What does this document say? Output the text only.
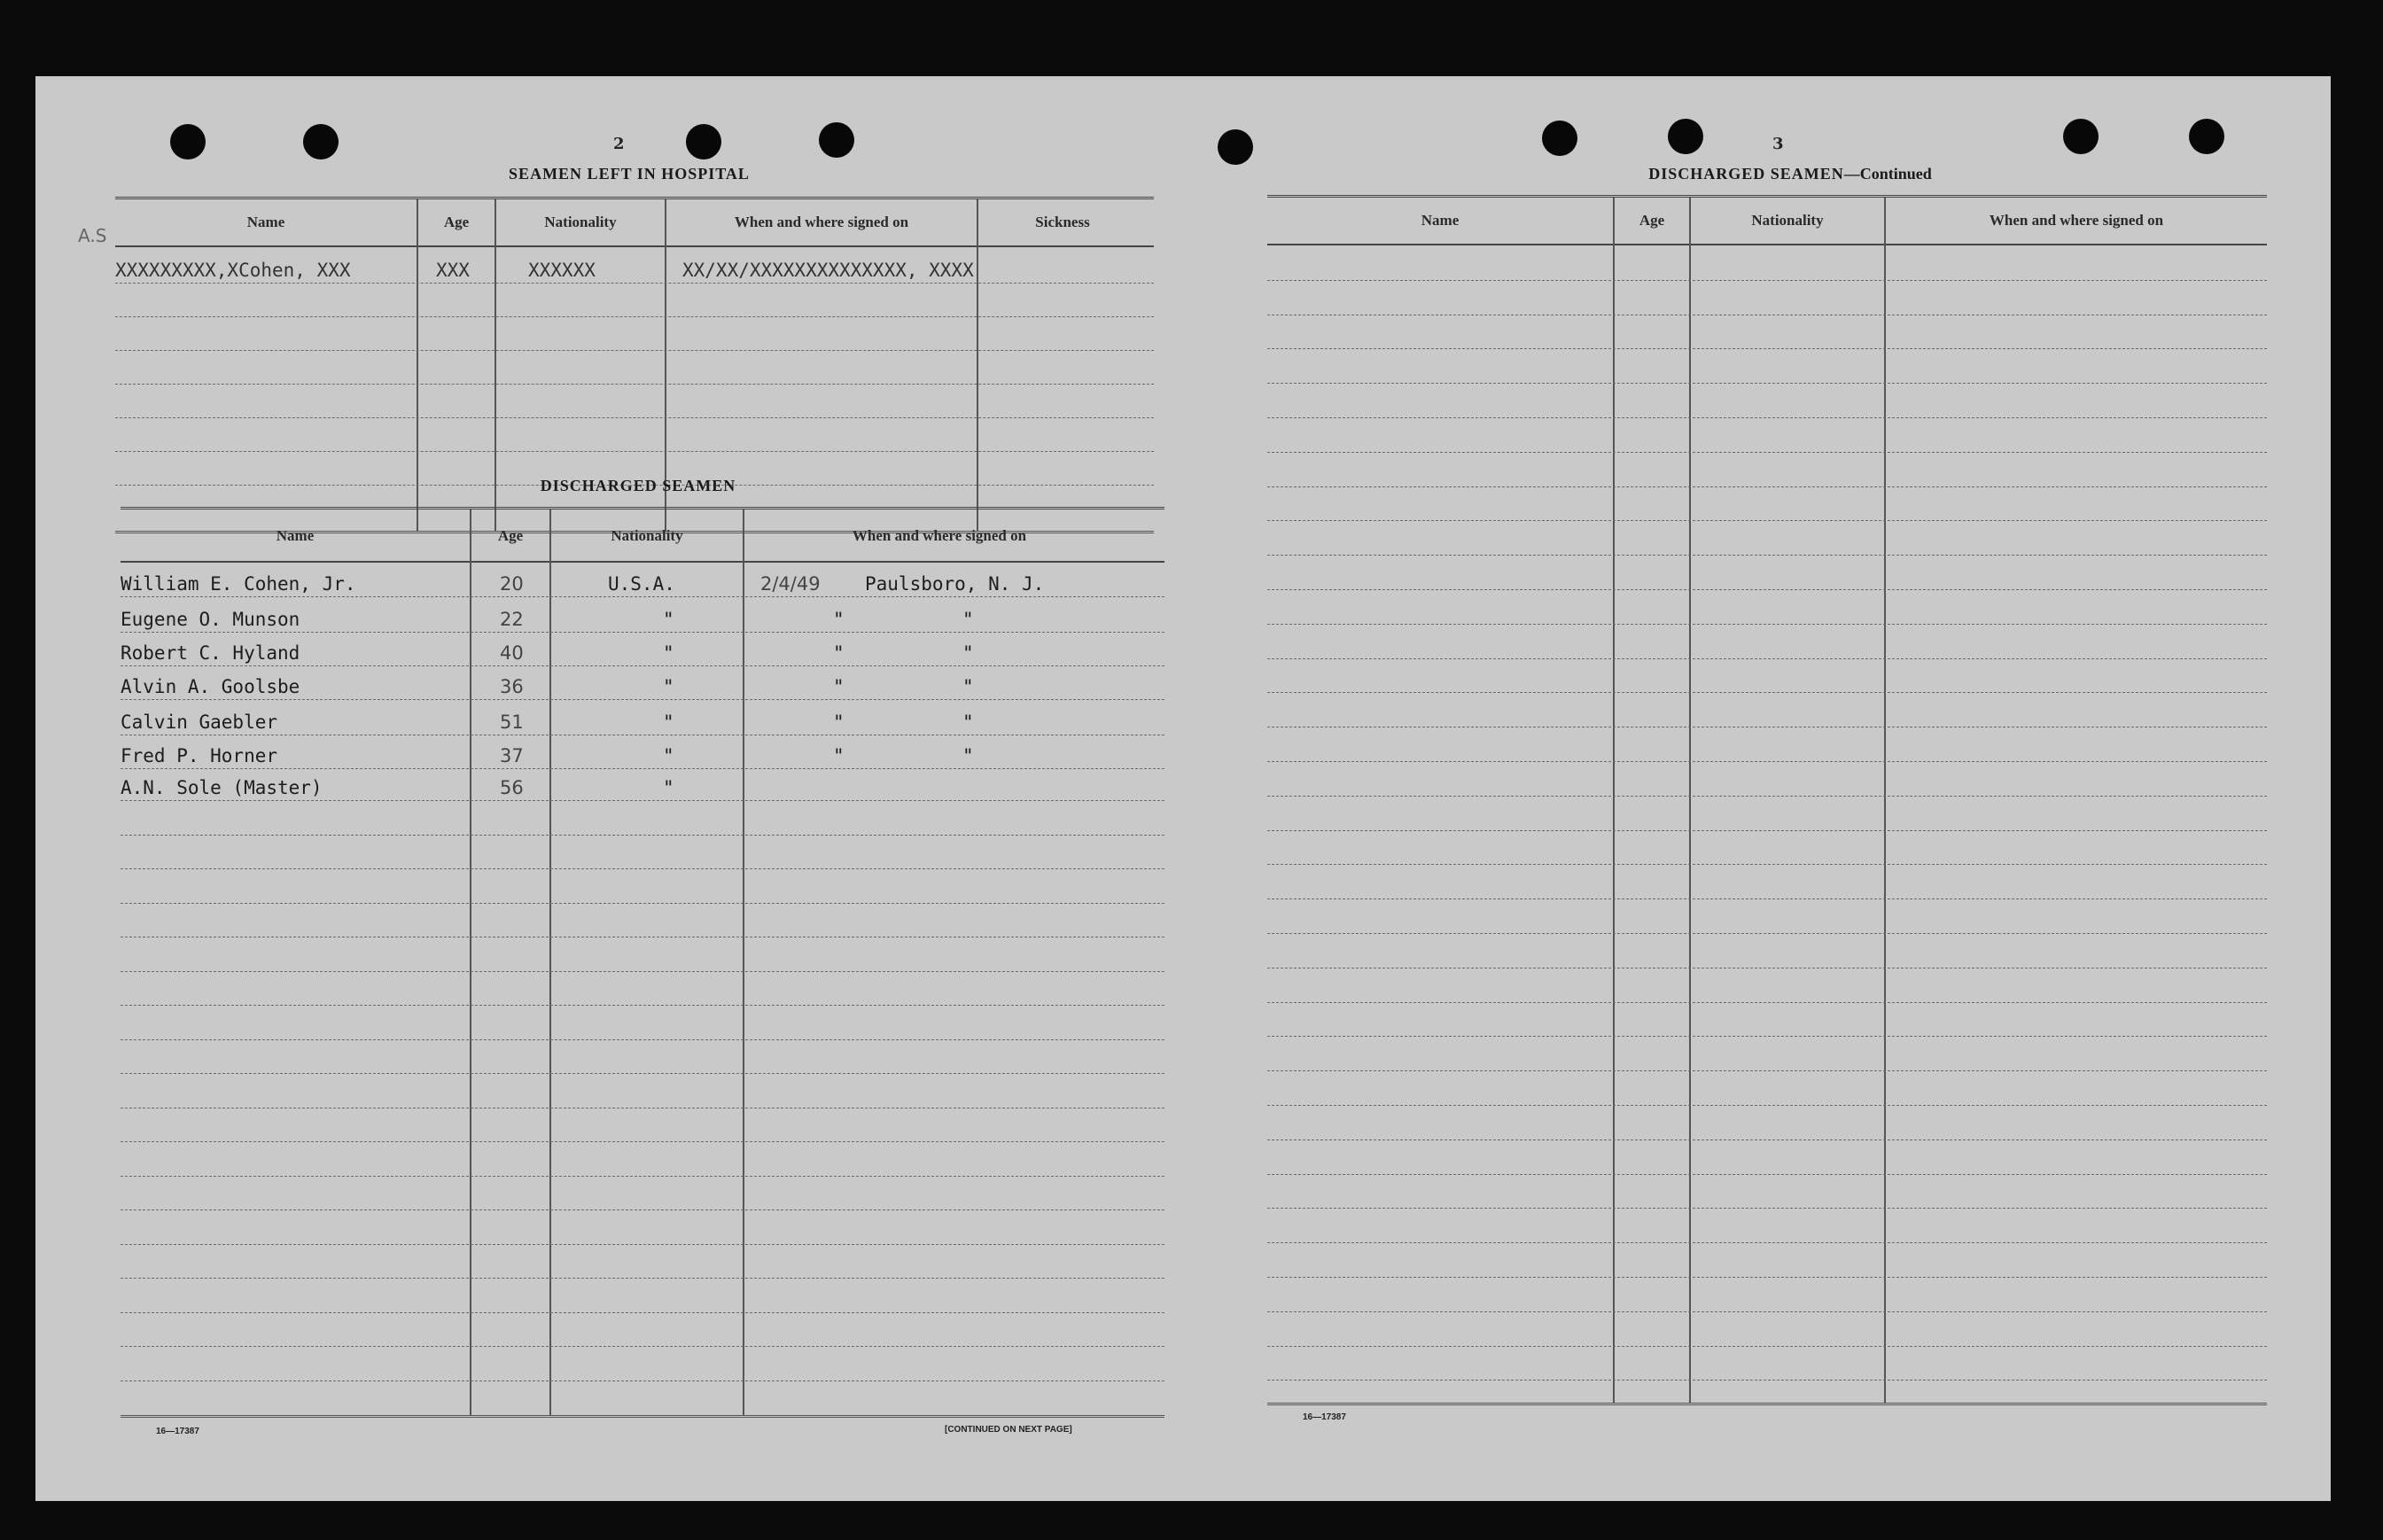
A.S
2
SEAMEN LEFT IN HOSPITAL
Name	Age	Nationality	When and where signed on	Sickness
XXXXXXXXX,XCohen, XXX	XXX	XXXXXX	XX/XX/XXXXXXXXXXXXXX, XXXX
DISCHARGED SEAMEN
Name	Age	Nationality	When and where signed on
William E. Cohen, Jr.	20	U.S.A.	2/4/49 Paulsboro, N. J.
Eugene O. Munson	22	"	"	"
Robert C. Hyland	40	"	"	"
Alvin A. Goolsbe	36	"	"	"
Calvin Gaebler	51	"	"	"
Fred P. Horner	37	"	"	"
A.N. Sole (Master)	56	"
16—17387	[CONTINUED ON NEXT PAGE]
3
DISCHARGED SEAMEN—Continued
Name	Age	Nationality	When and where signed on
16—17387
